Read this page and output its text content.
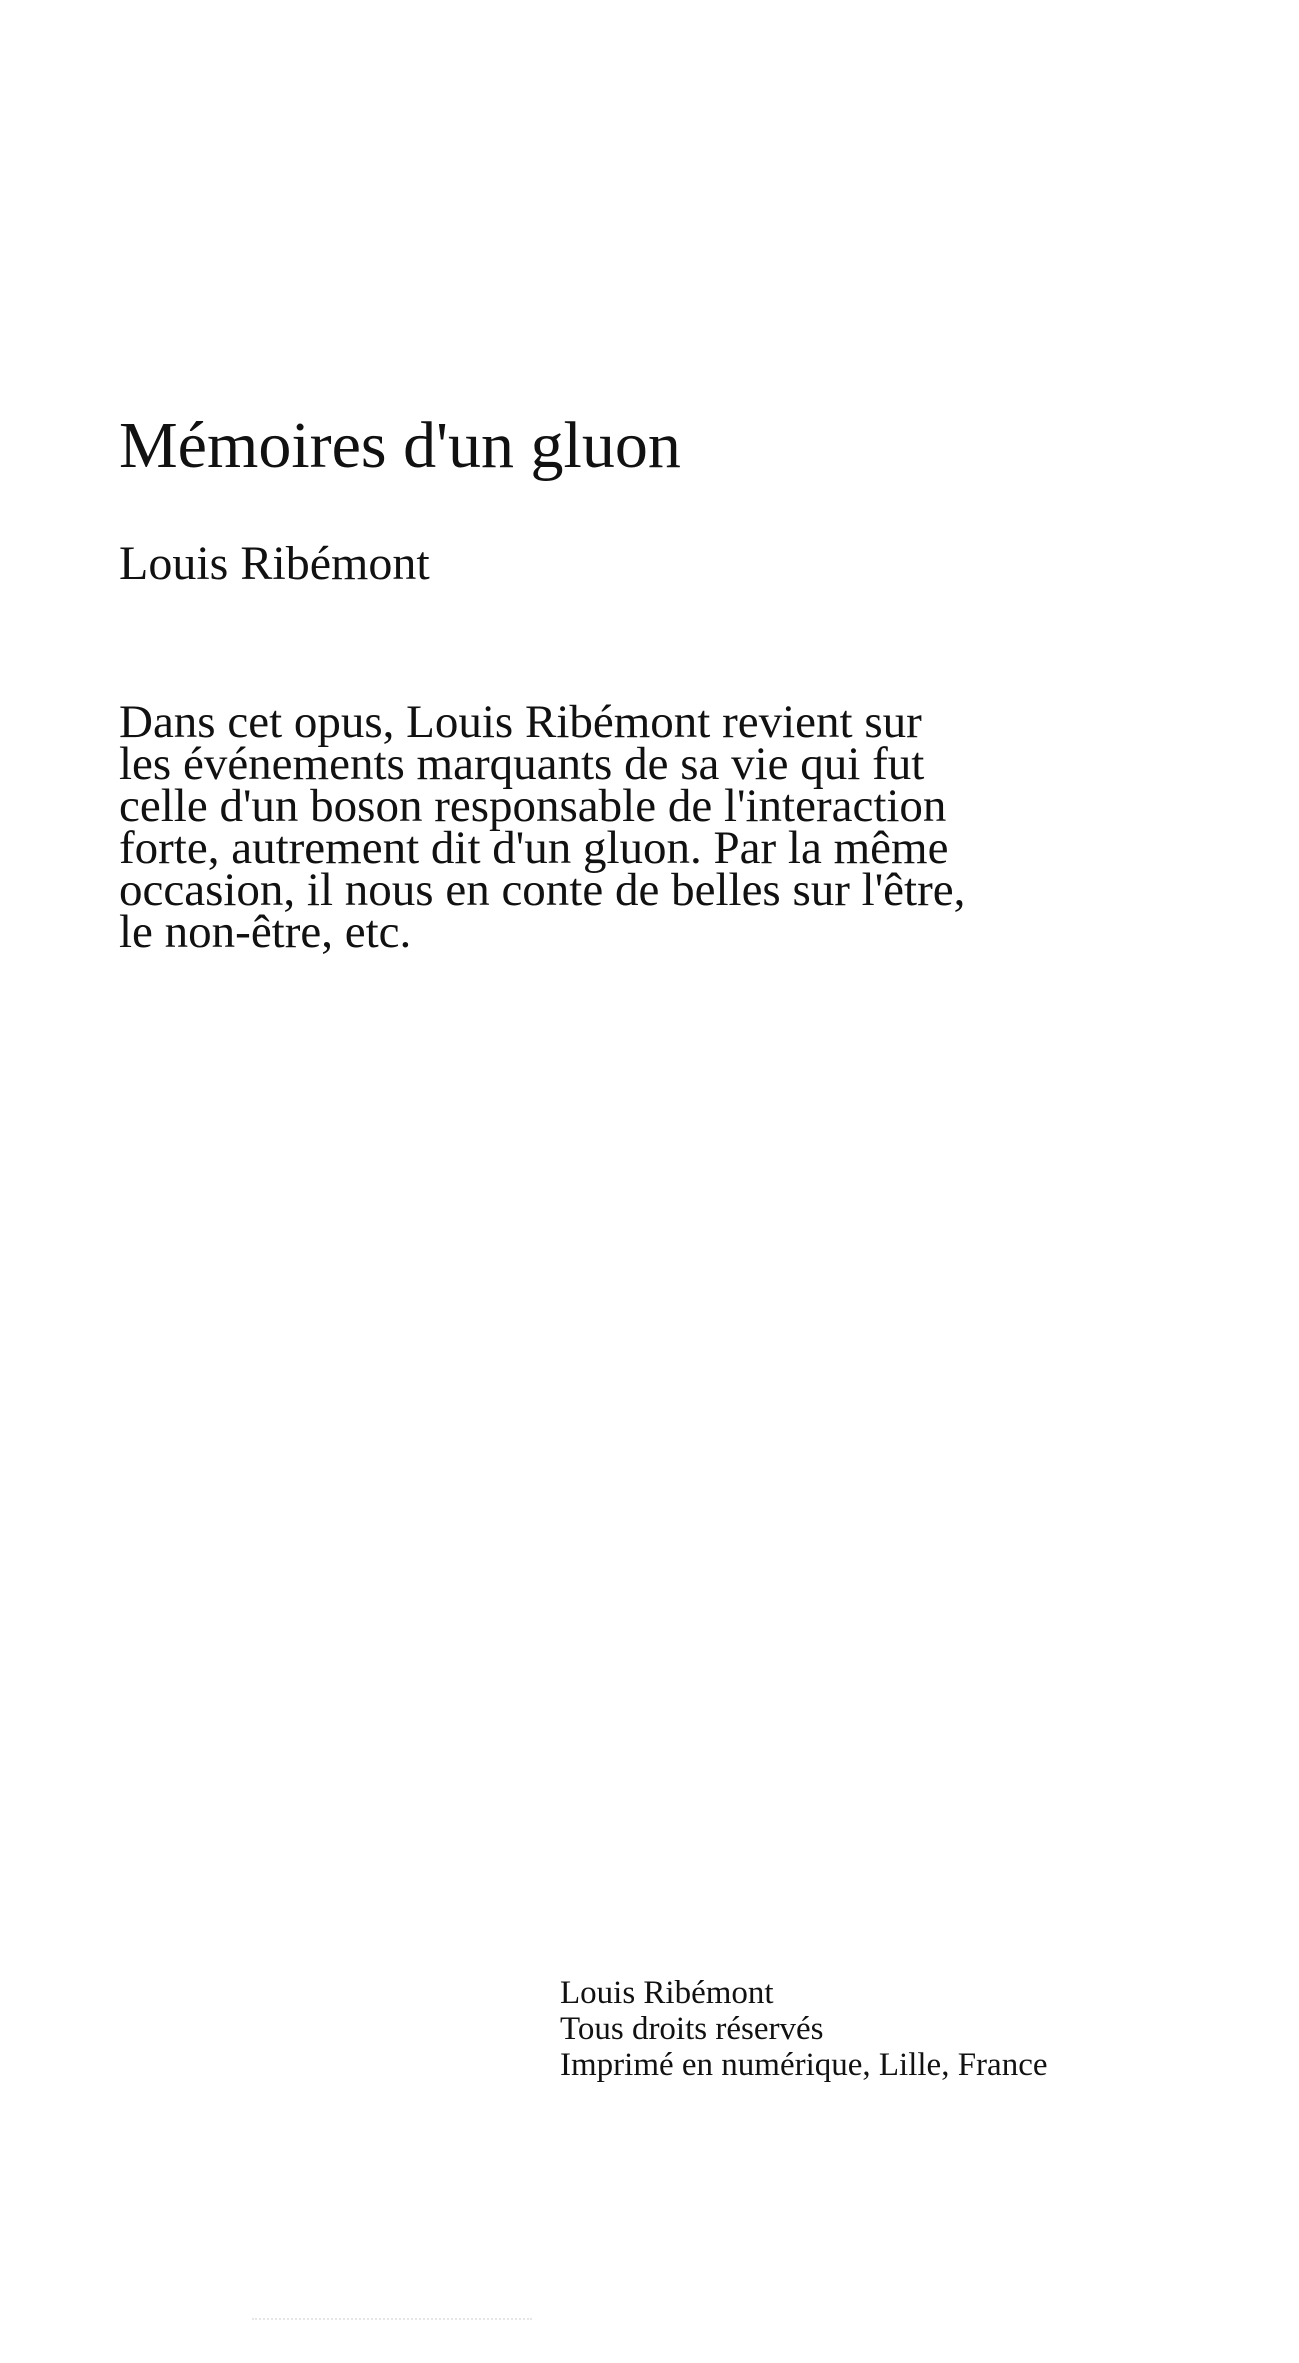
Mémoires d'un gluon
Louis Ribémont

Dans cet opus, Louis Ribémont revient sur les événements marquants de sa vie qui fut celle d'un boson responsable de l'interaction forte, autrement dit d'un gluon. Par la même occasion, il nous en conte de belles sur l'être, le non-être, etc.

Louis Ribémont
Tous droits réservés
Imprimé en numérique, Lille, France
